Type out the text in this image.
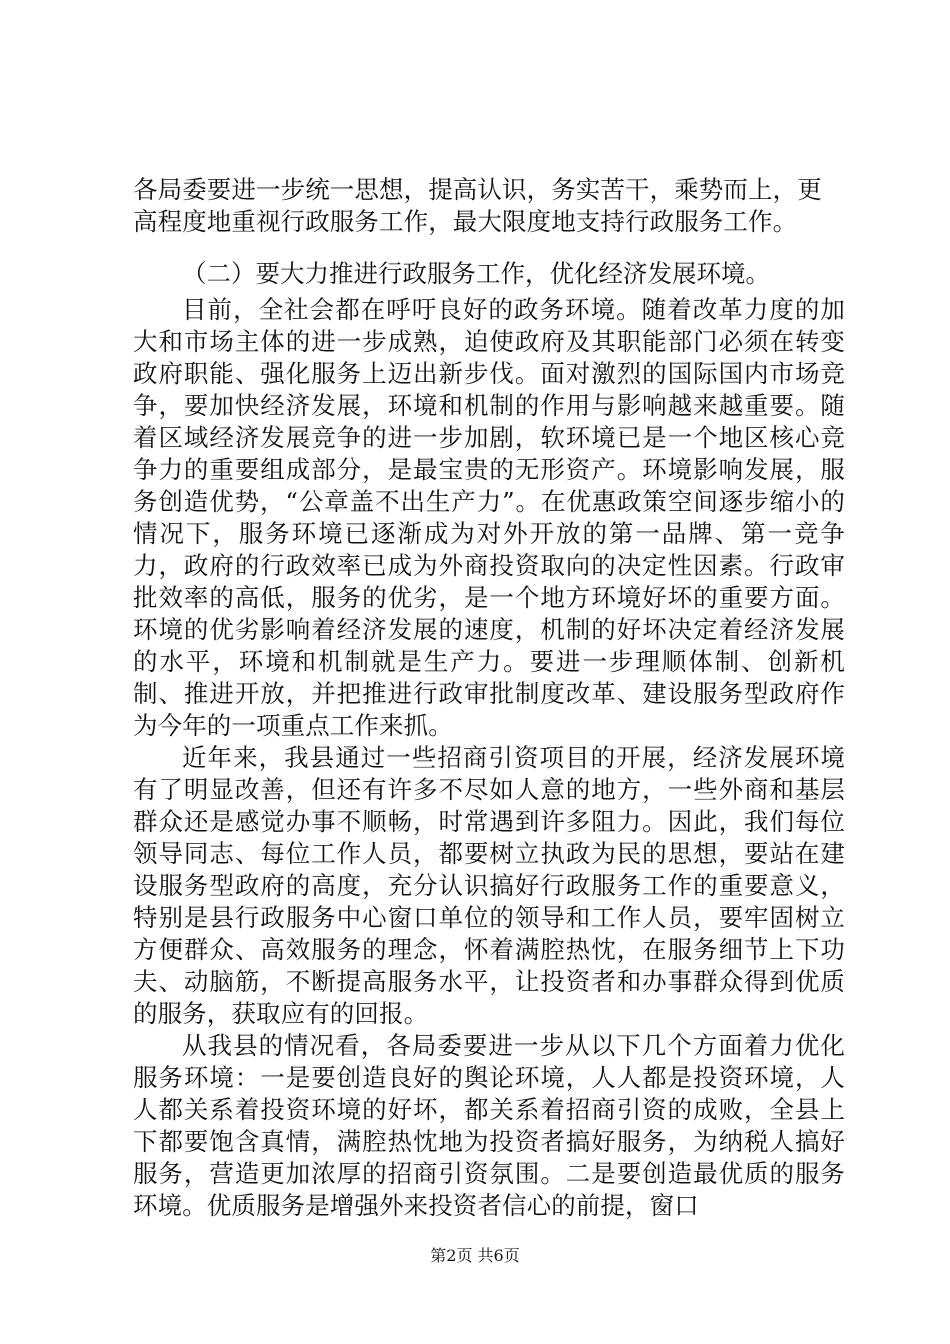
各局委要进一步统一思想，提高认识，务实苦干，乘势而上，更高程度地重视行政服务工作，最大限度地支持行政服务工作。

（二）要大力推进行政服务工作，优化经济发展环境。

目前，全社会都在呼吁良好的政务环境。随着改革力度的加大和市场主体的进一步成熟，迫使政府及其职能部门必须在转变政府职能、强化服务上迈出新步伐。面对激烈的国际国内市场竞争，要加快经济发展，环境和机制的作用与影响越来越重要。随着区域经济发展竞争的进一步加剧，软环境已是一个地区核心竞争力的重要组成部分，是最宝贵的无形资产。环境影响发展，服务创造优势，“公章盖不出生产力”。在优惠政策空间逐步缩小的情况下，服务环境已逐渐成为对外开放的第一品牌、第一竞争力，政府的行政效率已成为外商投资取向的决定性因素。行政审批效率的高低，服务的优劣，是一个地方环境好坏的重要方面。环境的优劣影响着经济发展的速度，机制的好坏决定着经济发展的水平，环境和机制就是生产力。要进一步理顺体制、创新机制、推进开放，并把推进行政审批制度改革、建设服务型政府作为今年的一项重点工作来抓。

近年来，我县通过一些招商引资项目的开展，经济发展环境有了明显改善，但还有许多不尽如人意的地方，一些外商和基层群众还是感觉办事不顺畅，时常遇到许多阻力。因此，我们每位领导同志、每位工作人员，都要树立执政为民的思想，要站在建设服务型政府的高度，充分认识搞好行政服务工作的重要意义，特别是县行政服务中心窗口单位的领导和工作人员，要牢固树立方便群众、高效服务的理念，怀着满腔热忱，在服务细节上下功夫、动脑筋，不断提高服务水平，让投资者和办事群众得到优质的服务，获取应有的回报。

从我县的情况看，各局委要进一步从以下几个方面着力优化服务环境：一是要创造良好的舆论环境，人人都是投资环境，人人都关系着投资环境的好坏，都关系着招商引资的成败，全县上下都要饱含真情，满腔热忱地为投资者搞好服务，为纳税人搞好服务，营造更加浓厚的招商引资氛围。二是要创造最优质的服务环境。优质服务是增强外来投资者信心的前提，窗口

第2页 共6页
